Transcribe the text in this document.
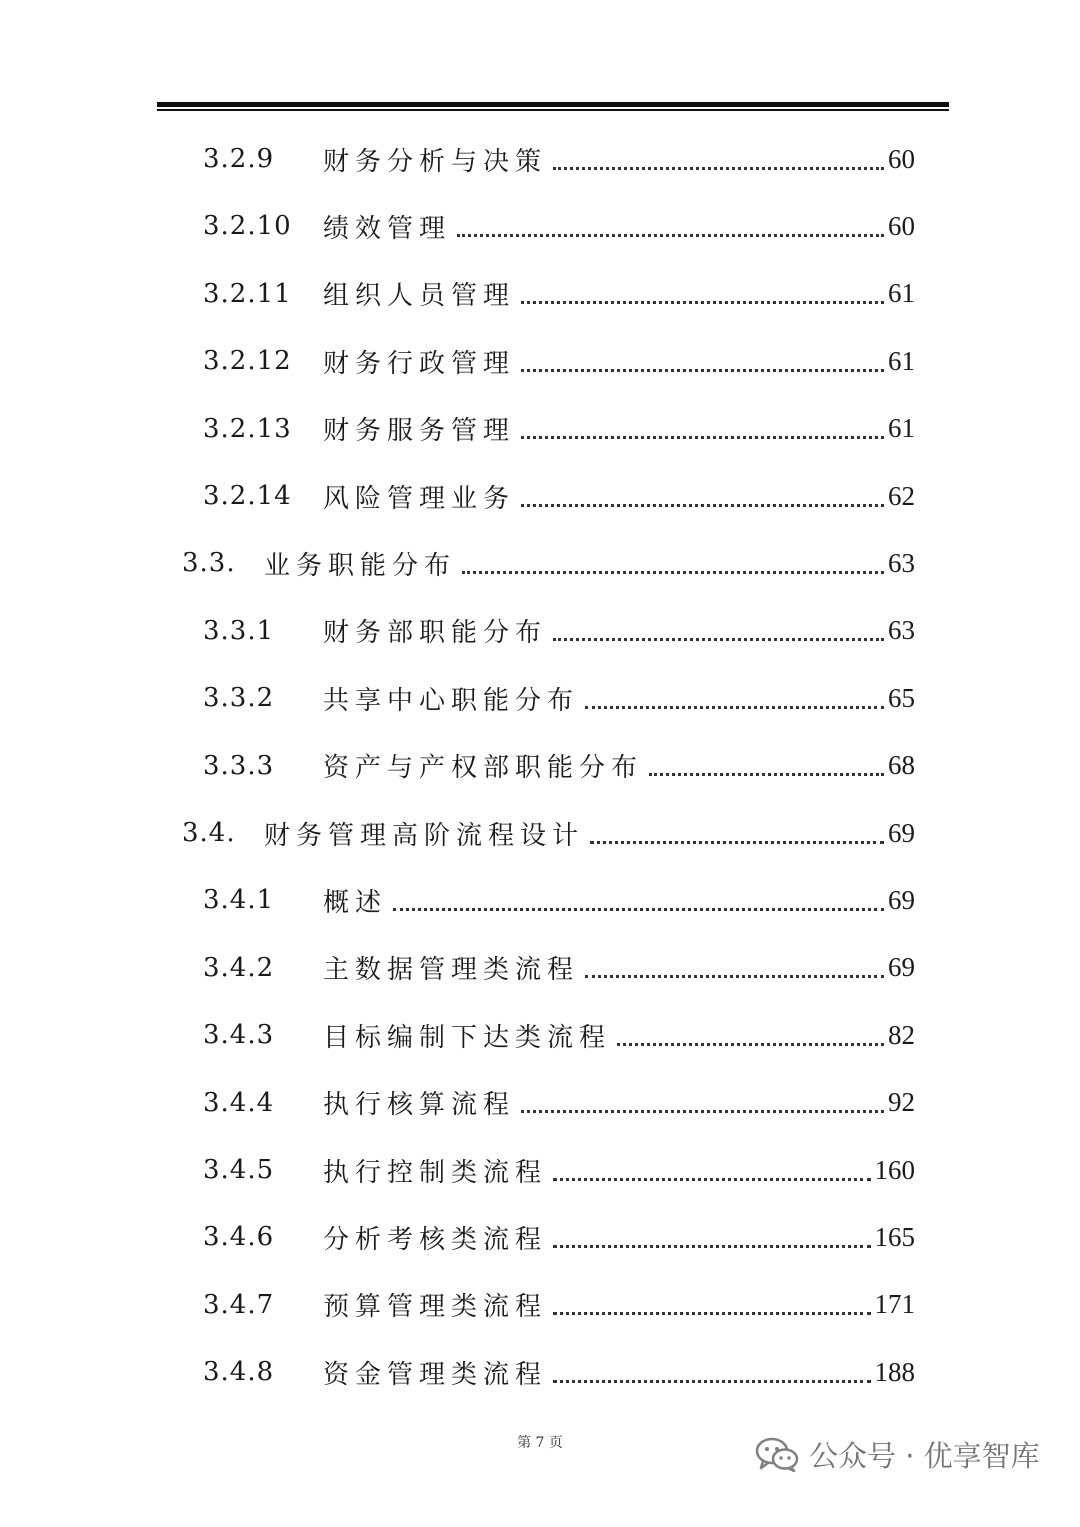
3.2.9	财务分析与决策	60
3.2.10	绩效管理	60
3.2.11	组织人员管理	61
3.2.12	财务行政管理	61
3.2.13	财务服务管理	61
3.2.14	风险管理业务	62
3.3.	业务职能分布	63
3.3.1	财务部职能分布	63
3.3.2	共享中心职能分布	65
3.3.3	资产与产权部职能分布	68
3.4.	财务管理高阶流程设计	69
3.4.1	概述	69
3.4.2	主数据管理类流程	69
3.4.3	目标编制下达类流程	82
3.4.4	执行核算流程	92
3.4.5	执行控制类流程	160
3.4.6	分析考核类流程	165
3.4.7	预算管理类流程	171
3.4.8	资金管理类流程	188
第 7 页	公众号 · 优享智库
